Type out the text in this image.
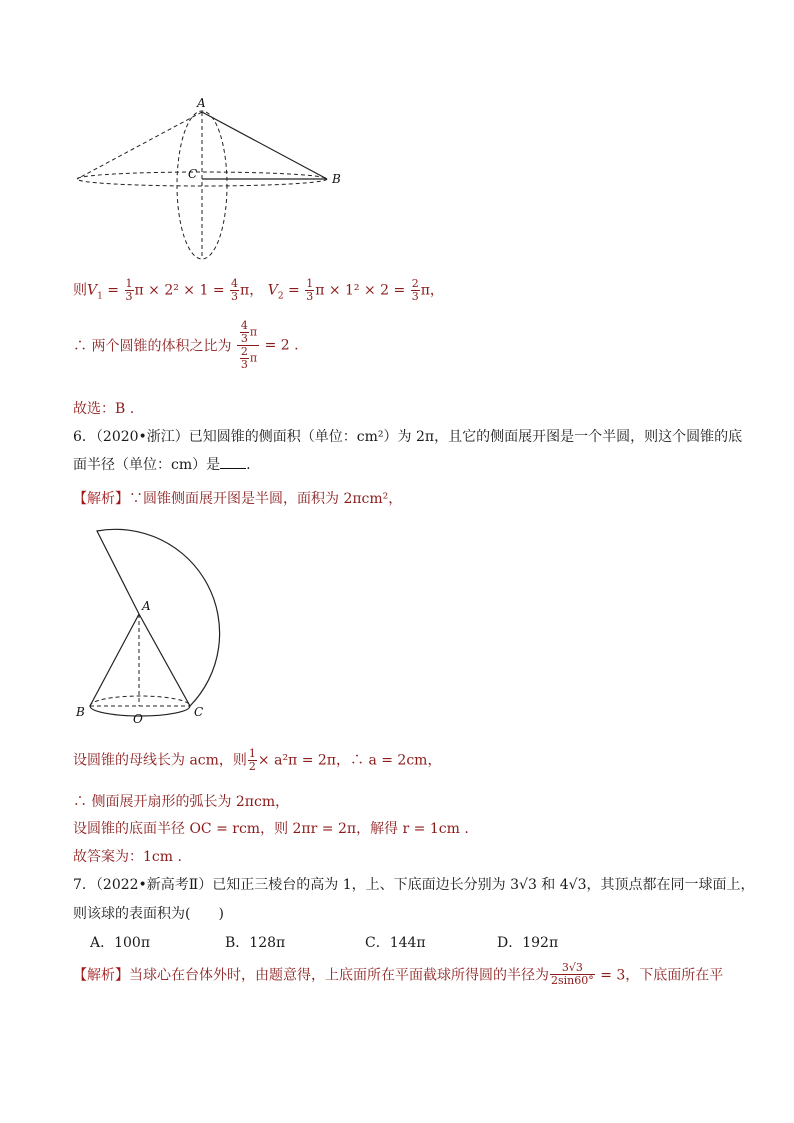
A
C	B
则$V_1 = \frac{1}{3}$ $\pi \times 2^2 \times 1 = \frac{4}{3}$ π， $V_2 = \frac{1}{3}$ $\pi \times 1^2 \times 2 = \frac{2}{3}$ π，
∴ 两个圆锥的体积之比为 $\frac{\frac{4}{3} \pi}{\frac{2}{3} \pi} = 2$ .
故选：B .
6．（2020•浙江）已知圆锥的侧面积（单位：cm²）为 2π，且它的侧面展开图是一个半圆，则这个圆锥的底
面半径（单位：cm）是 .
【解析】∵圆锥侧面展开图是半圆，面积为 2πcm²，
A
B	C
O
设圆锥的母线长为 acm，则 $\frac{1}{2} \times a^2\pi = 2\pi$，∴ a = 2cm，
∴ 侧面展开扇形的弧长为 2πcm，
设圆锥的底面半径 OC = rcm，则 2πr = 2π，解得 r = 1cm .
故答案为：1cm .
7．（2022•新高考Ⅱ）已知正三棱台的高为 1，上、下底面边长分别为 3√3 和 4√3，其顶点都在同一球面上，
则该球的表面积为(　　)
A．100π	B．128π	C．144π	D．192π
【解析】当球心在台体外时，由题意得，上底面所在平面截球所得圆的半径为 $\frac{3√3}{2\sin 60^\circ} = 3$，下底面所在平
